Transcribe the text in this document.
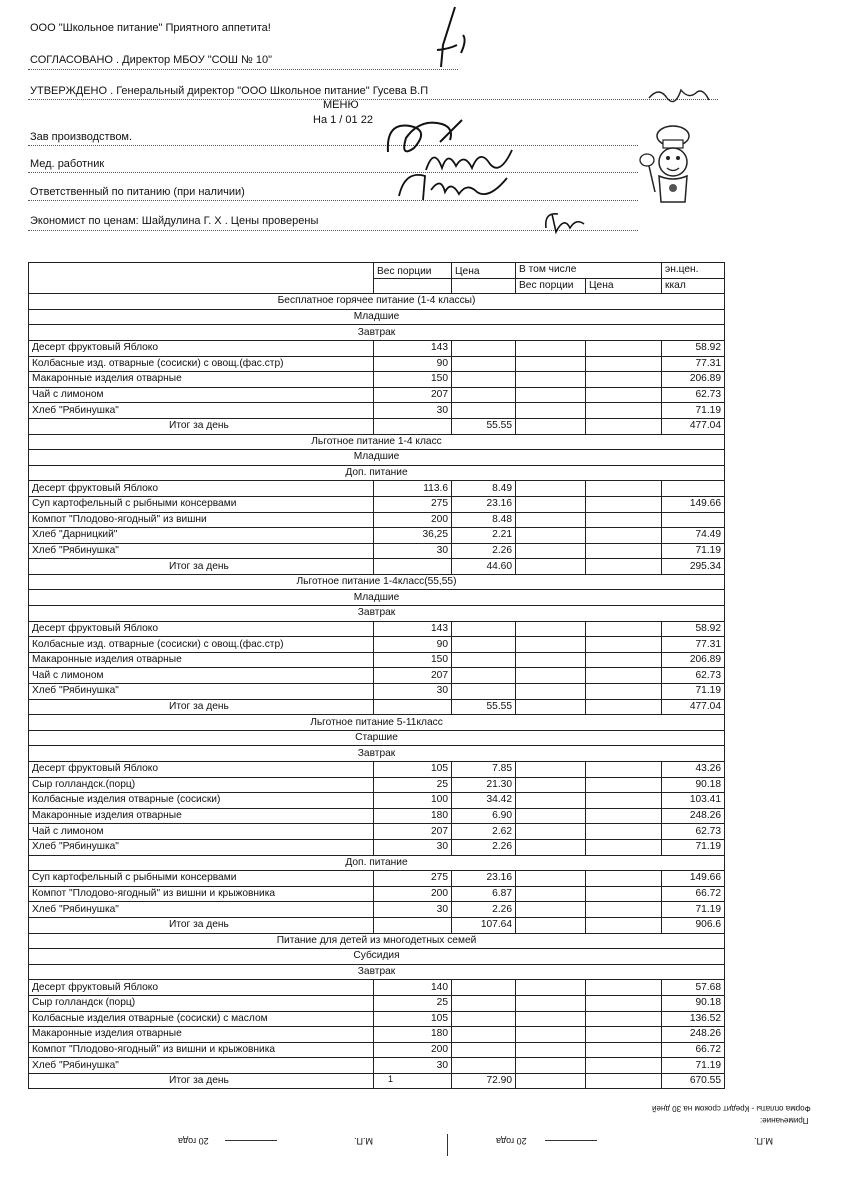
ООО "Школьное питание" Приятного аппетита!
СОГЛАСОВАНО . Директор МБОУ "СОШ № 10"
УТВЕРЖДЕНО . Генеральный директор "ООО Школьное питание" Гусева В.П
МЕНЮ
На 1 / 01 22
Зав производством.
Мед. работник
Ответственный по питанию (при наличии)
Экономист по ценам: Шайдулина Г. Х . Цены проверены
	Вес порции	Цена	В том числе		эн.цен.
			Вес порции	Цена	ккал
Бесплатное горячее питание (1-4 классы)					
Младшие					
Завтрак					
Десерт фруктовый Яблоко	143				58.92
Колбасные изд. отварные (сосиски) с овощ.(фас.стр)	90				77.31
Макаронные изделия отварные	150				206.89
Чай с лимоном	207				62.73
Хлеб "Рябинушка"	30				71.19
Итог за день		55.55			477.04
Льготное питание 1-4 класс					
Младшие					
Доп. питание					
Десерт фруктовый Яблоко	113.6	8.49			
Суп картофельный с рыбными консервами	275	23.16			149.66
Компот "Плодово-ягодный" из вишни	200	8.48			
Хлеб "Дарницкий"	36,25	2.21			74.49
Хлеб "Рябинушка"	30	2.26			71.19
Итог за день		44.60			295.34
Льготное питание 1-4класс(55,55)					
Младшие					
Завтрак					
Десерт фруктовый Яблоко	143				58.92
Колбасные изд. отварные (сосиски) с овощ.(фас.стр)	90				77.31
Макаронные изделия отварные	150				206.89
Чай с лимоном	207				62.73
Хлеб "Рябинушка"	30				71.19
Итог за день		55.55			477.04
Льготное питание 5-11класс					
Старшие					
Завтрак					
Десерт фруктовый Яблоко	105	7.85			43.26
Сыр голландск.(порц)	25	21.30			90.18
Колбасные изделия отварные (сосиски)	100	34.42			103.41
Макаронные изделия отварные	180	6.90			248.26
Чай с лимоном	207	2.62			62.73
Хлеб "Рябинушка"	30	2.26			71.19
Доп. питание					
Суп картофельный с рыбными консервами	275	23.16			149.66
Компот "Плодово-ягодный" из вишни и крыжовника	200	6.87			66.72
Хлеб "Рябинушка"	30	2.26			71.19
Итог за день		107.64			906.6
Питание для детей из многодетных семей					
Субсидия					
Завтрак					
Десерт фруктовый Яблоко	140				57.68
Сыр голландск (порц)	25				90.18
Колбасные изделия отварные (сосиски) с маслом	105				136.52
Макаронные изделия отварные	180				248.26
Компот "Плодово-ягодный" из вишни и крыжовника	200				66.72
Хлеб "Рябинушка"	30				71.19
Итог за день		72.90			670.55
1
Форма оплаты - Кредит сроком на 30 дней
Примечание:
М.П.
20 года	М.П.
20 года
